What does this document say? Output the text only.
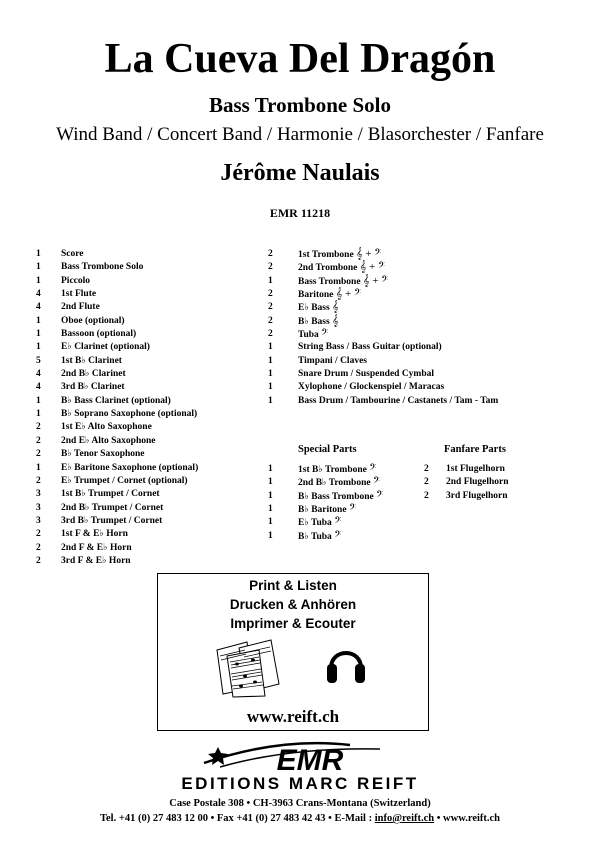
La Cueva Del Dragón
Bass Trombone Solo
Wind Band / Concert Band / Harmonie / Blasorchester / Fanfare
Jérôme Naulais
EMR 11218
1 Score
1 Bass Trombone Solo
1 Piccolo
4 1st Flute
4 2nd Flute
1 Oboe (optional)
1 Bassoon (optional)
1 E♭ Clarinet (optional)
5 1st B♭ Clarinet
4 2nd B♭ Clarinet
4 3rd B♭ Clarinet
1 B♭ Bass Clarinet (optional)
1 B♭ Soprano Saxophone (optional)
2 1st E♭ Alto Saxophone
2 2nd E♭ Alto Saxophone
2 B♭ Tenor Saxophone
1 E♭ Baritone Saxophone (optional)
2 E♭ Trumpet / Cornet (optional)
3 1st B♭ Trumpet / Cornet
3 2nd B♭ Trumpet / Cornet
3 3rd B♭ Trumpet / Cornet
2 1st F & E♭ Horn
2 2nd F & E♭ Horn
2 3rd F & E♭ Horn
2	1st Trombone 𝄞 + 𝄢
2	2nd Trombone 𝄞 + 𝄢
1	Bass Trombone 𝄞 + 𝄢
2	Baritone 𝄞 + 𝄢
2	E♭ Bass 𝄞
2	B♭ Bass 𝄞
2	Tuba 𝄢
1	String Bass / Bass Guitar (optional)
1	Timpani / Claves
1	Snare Drum / Suspended Cymbal
1	Xylophone / Glockenspiel / Maracas
1	Bass Drum / Tambourine / Castanets / Tam - Tam
Special Parts
1	1st B♭ Trombone 𝄢
1	2nd B♭ Trombone 𝄢
1	B♭ Bass Trombone 𝄢
1	B♭ Baritone 𝄢
1	E♭ Tuba 𝄢
1	B♭ Tuba 𝄢
Fanfare Parts
2 1st Flugelhorn
2 2nd Flugelhorn
2 3rd Flugelhorn
Print & Listen
Drucken & Anhören
Imprimer & Ecouter
www.reift.ch
EMR
EDITIONS MARC REIFT
Case Postale 308 • CH-3963 Crans-Montana (Switzerland)
Tel. +41 (0) 27 483 12 00 • Fax +41 (0) 27 483 42 43 • E-Mail : info@reift.ch • www.reift.ch
